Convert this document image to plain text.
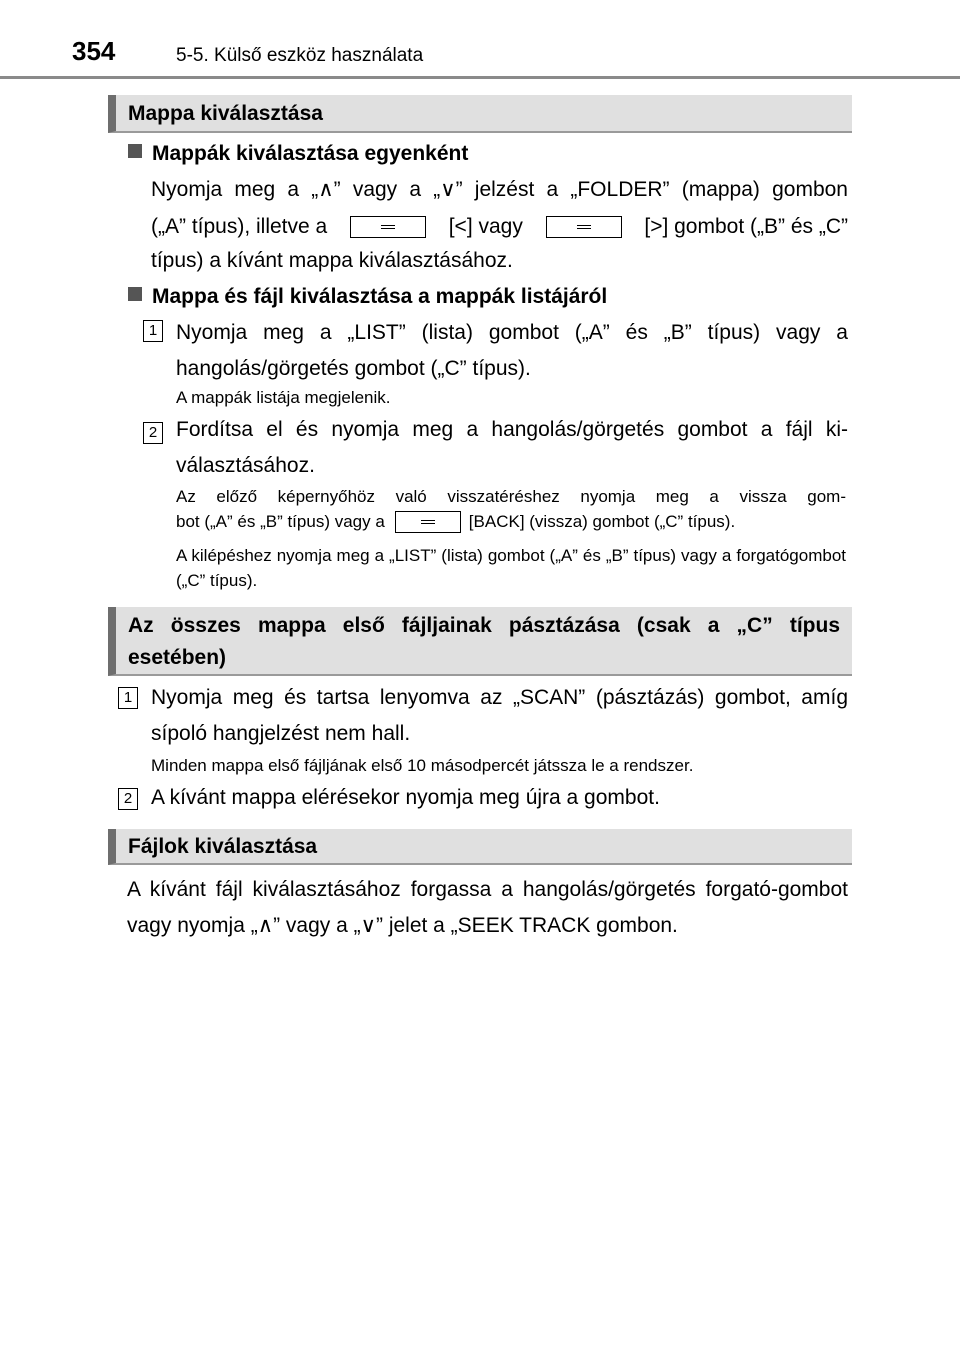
354	5-5. Külső eszköz használata
Mappa kiválasztása
Mappák kiválasztása egyenként
Nyomja meg a „∧” vagy a „∨” jelzést a „FOLDER” (mappa) gombon
(„A” típus), illetve a	[<] vagy	[>] gombot („B” és „C”
típus) a kívánt mappa kiválasztásához.
Mappa és fájl kiválasztása a mappák listájáról
1 Nyomja meg a „LIST” (lista) gombot („A” és „B” típus) vagy a hangolás/görgetés gombot („C” típus).
A mappák listája megjelenik.
2 Fordítsa el és nyomja meg a hangolás/görgetés gombot a fájl ki-választásához.
Az előző képernyőhöz való visszatéréshez nyomja meg a vissza gom-
bot („A” és „B” típus) vagy a	[BACK] (vissza) gombot („C” típus).
A kilépéshez nyomja meg a „LIST” (lista) gombot („A” és „B” típus) vagy a forgatógombot („C” típus).
Az összes mappa első fájljainak pásztázása (csak a „C” típus esetében)
1 Nyomja meg és tartsa lenyomva az „SCAN” (pásztázás) gombot, amíg sípoló hangjelzést nem hall.
Minden mappa első fájljának első 10 másodpercét játssza le a rendszer.
2 A kívánt mappa elérésekor nyomja meg újra a gombot.
Fájlok kiválasztása
A kívánt fájl kiválasztásához forgassa a hangolás/görgetés forgató-gombot vagy nyomja „∧” vagy a „∨” jelet a „SEEK TRACK gombon.
